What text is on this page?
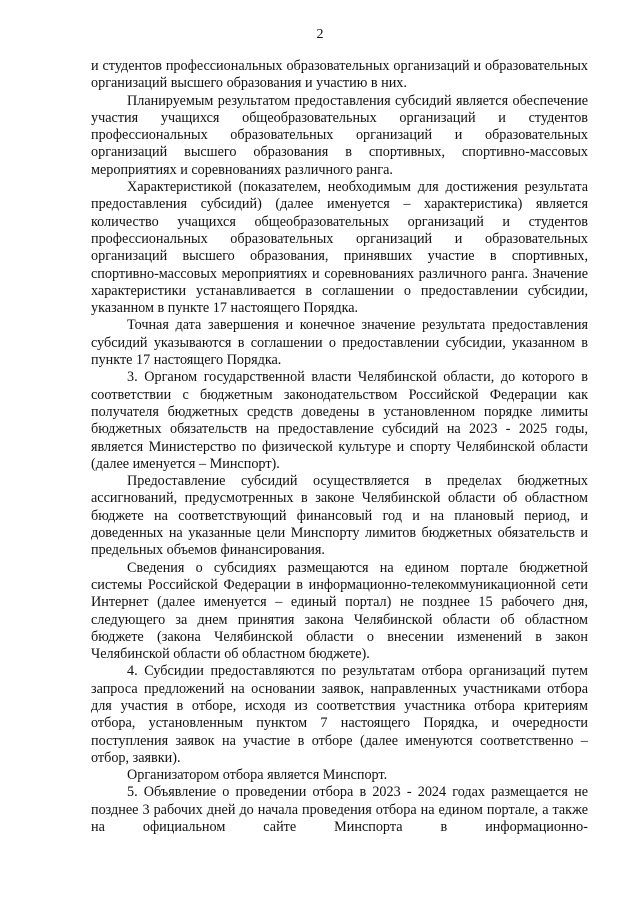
2

и студентов профессиональных образовательных организаций и образовательных организаций высшего образования и участию в них.

Планируемым результатом предоставления субсидий является обеспечение участия учащихся общеобразовательных организаций и студентов профессиональных образовательных организаций и образовательных организаций высшего образования в спортивных, спортивно-массовых мероприятиях и соревнованиях различного ранга.

Характеристикой (показателем, необходимым для достижения результата предоставления субсидий) (далее именуется – характеристика) является количество учащихся общеобразовательных организаций и студентов профессиональных образовательных организаций и образовательных организаций высшего образования, принявших участие в спортивных, спортивно-массовых мероприятиях и соревнованиях различного ранга. Значение характеристики устанавливается в соглашении о предоставлении субсидии, указанном в пункте 17 настоящего Порядка.

Точная дата завершения и конечное значение результата предоставления субсидий указываются в соглашении о предоставлении субсидии, указанном в пункте 17 настоящего Порядка.

3. Органом государственной власти Челябинской области, до которого в соответствии с бюджетным законодательством Российской Федерации как получателя бюджетных средств доведены в установленном порядке лимиты бюджетных обязательств на предоставление субсидий на 2023 - 2025 годы, является Министерство по физической культуре и спорту Челябинской области (далее именуется – Минспорт).

Предоставление субсидий осуществляется в пределах бюджетных ассигнований, предусмотренных в законе Челябинской области об областном бюджете на соответствующий финансовый год и на плановый период, и доведенных на указанные цели Минспорту лимитов бюджетных обязательств и предельных объемов финансирования.

Сведения о субсидиях размещаются на едином портале бюджетной системы Российской Федерации в информационно-телекоммуникационной сети Интернет (далее именуется – единый портал) не позднее 15 рабочего дня, следующего за днем принятия закона Челябинской области об областном бюджете (закона Челябинской области о внесении изменений в закон Челябинской области об областном бюджете).

4. Субсидии предоставляются по результатам отбора организаций путем запроса предложений на основании заявок, направленных участниками отбора для участия в отборе, исходя из соответствия участника отбора критериям отбора, установленным пунктом 7 настоящего Порядка, и очередности поступления заявок на участие в отборе (далее именуются соответственно – отбор, заявки).

Организатором отбора является Минспорт.

5. Объявление о проведении отбора в 2023 - 2024 годах размещается не позднее 3 рабочих дней до начала проведения отбора на едином портале, а также на официальном сайте Минспорта в информационно-
